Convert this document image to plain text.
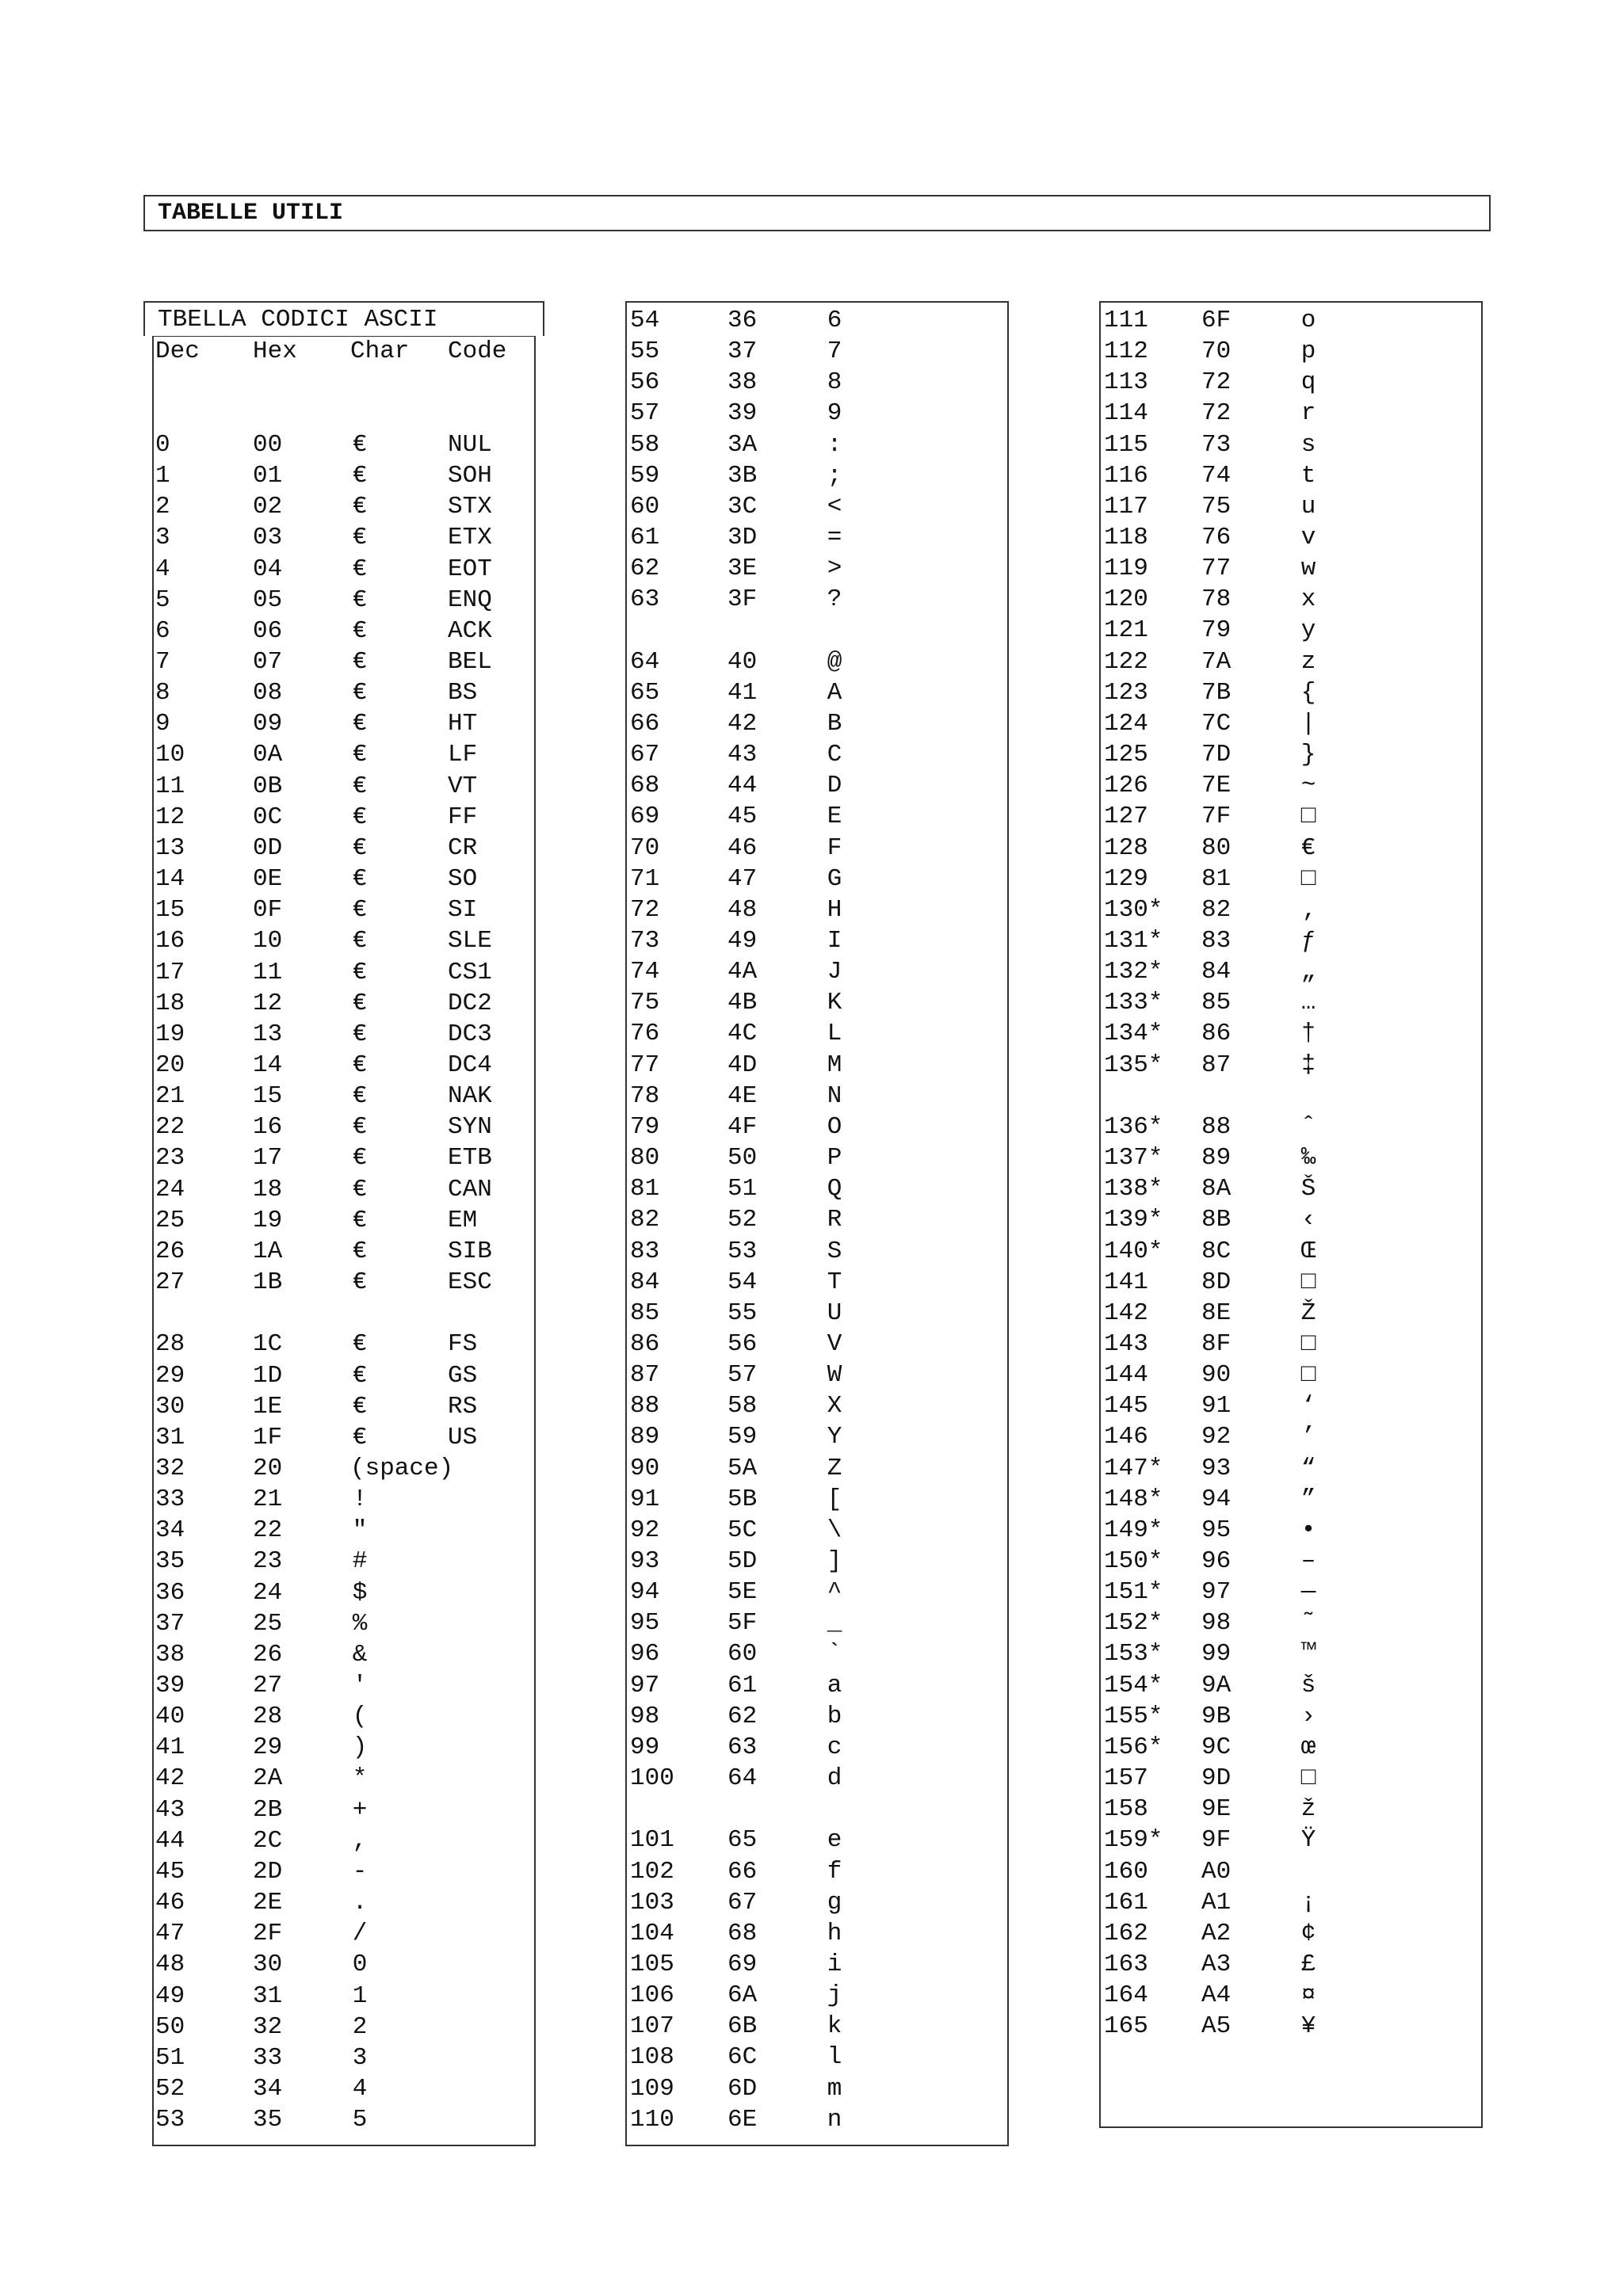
TABELLE UTILI
TBELLA CODICI ASCII
Dec Hex Char Code
0	00	€	NUL
1	01	€	SOH
2	02	€	STX
3	03	€	ETX
4	04	€	EOT
5	05	€	ENQ
6	06	€	ACK
7	07	€	BEL
8	08	€	BS
9	09	€	HT
10	0A	€	LF
11	0B	€	VT
12	0C	€	FF
13	0D	€	CR
14	0E	€	SO
15	0F	€	SI
16	10	€	SLE
17	11	€	CS1
18	12	€	DC2
19	13	€	DC3
20	14	€	DC4
21	15	€	NAK
22	16	€	SYN
23	17	€	ETB
24	18	€	CAN
25	19	€	EM
26	1A	€	SIB
27	1B	€	ESC
28	1C	€	FS
29	1D	€	GS
30	1E	€	RS
31	1F	€	US
32	20	(space)
33	21	!
34	22	"
35	23	#
36	24	$
37	25	%
38	26	&
39	27	'
40	28	(
41	29	)
42	2A	*
43	2B	+
44	2C	,
45	2D	-
46	2E	.
47	2F	/
48	30	0
49	31	1
50	32	2
51	33	3
52	34	4
53	35	5
54	36	6
55	37	7
56	38	8
57	39	9
58	3A	:
59	3B	;
60	3C	<
61	3D	=
62	3E	>
63	3F	?
64	40	@
65	41	A
66	42	B
67	43	C
68	44	D
69	45	E
70	46	F
71	47	G
72	48	H
73	49	I
74	4A	J
75	4B	K
76	4C	L
77	4D	M
78	4E	N
79	4F	O
80	50	P
81	51	Q
82	52	R
83	53	S
84	54	T
85	55	U
86	56	V
87	57	W
88	58	X
89	59	Y
90	5A	Z
91	5B	[
92	5C	\
93	5D	]
94	5E	^
95	5F	_
96	60	`
97	61	a
98	62	b
99	63	c
100 64	d
101 65	e
102 66	f
103 67	g
104 68	h
105 69	i
106 6A	j
107 6B	k
108 6C	l
109 6D	m
110 6E	n
111 6F	o
112 70	p
113 72	q
114 72	r
115 73	s
116 74	t
117 75	u
118 76	v
119 77	w
120 78	x
121 79	y
122 7A	z
123 7B	{
124 7C	|
125 7D	}
126 7E	~
127 7F	□
128 80	€
129 81	□
130* 82	‚
131* 83	ƒ
132* 84	„
133* 85	…
134* 86	†
135* 87	‡
136* 88	ˆ
137* 89	‰
138* 8A	Š
139* 8B	‹
140* 8C	Œ
141 8D	□
142 8E	Ž
143 8F	□
144 90	□
145 91	‘
146 92	’
147* 93	“
148* 94	”
149* 95	•
150* 96	–
151* 97	—
152* 98	˜
153* 99	™
154* 9A	š
155* 9B	›
156* 9C	œ
157 9D	□
158 9E	ž
159* 9F	Ÿ
160 A0
161 A1	¡
162 A2	¢
163 A3	£
164 A4	¤
165 A5	¥
